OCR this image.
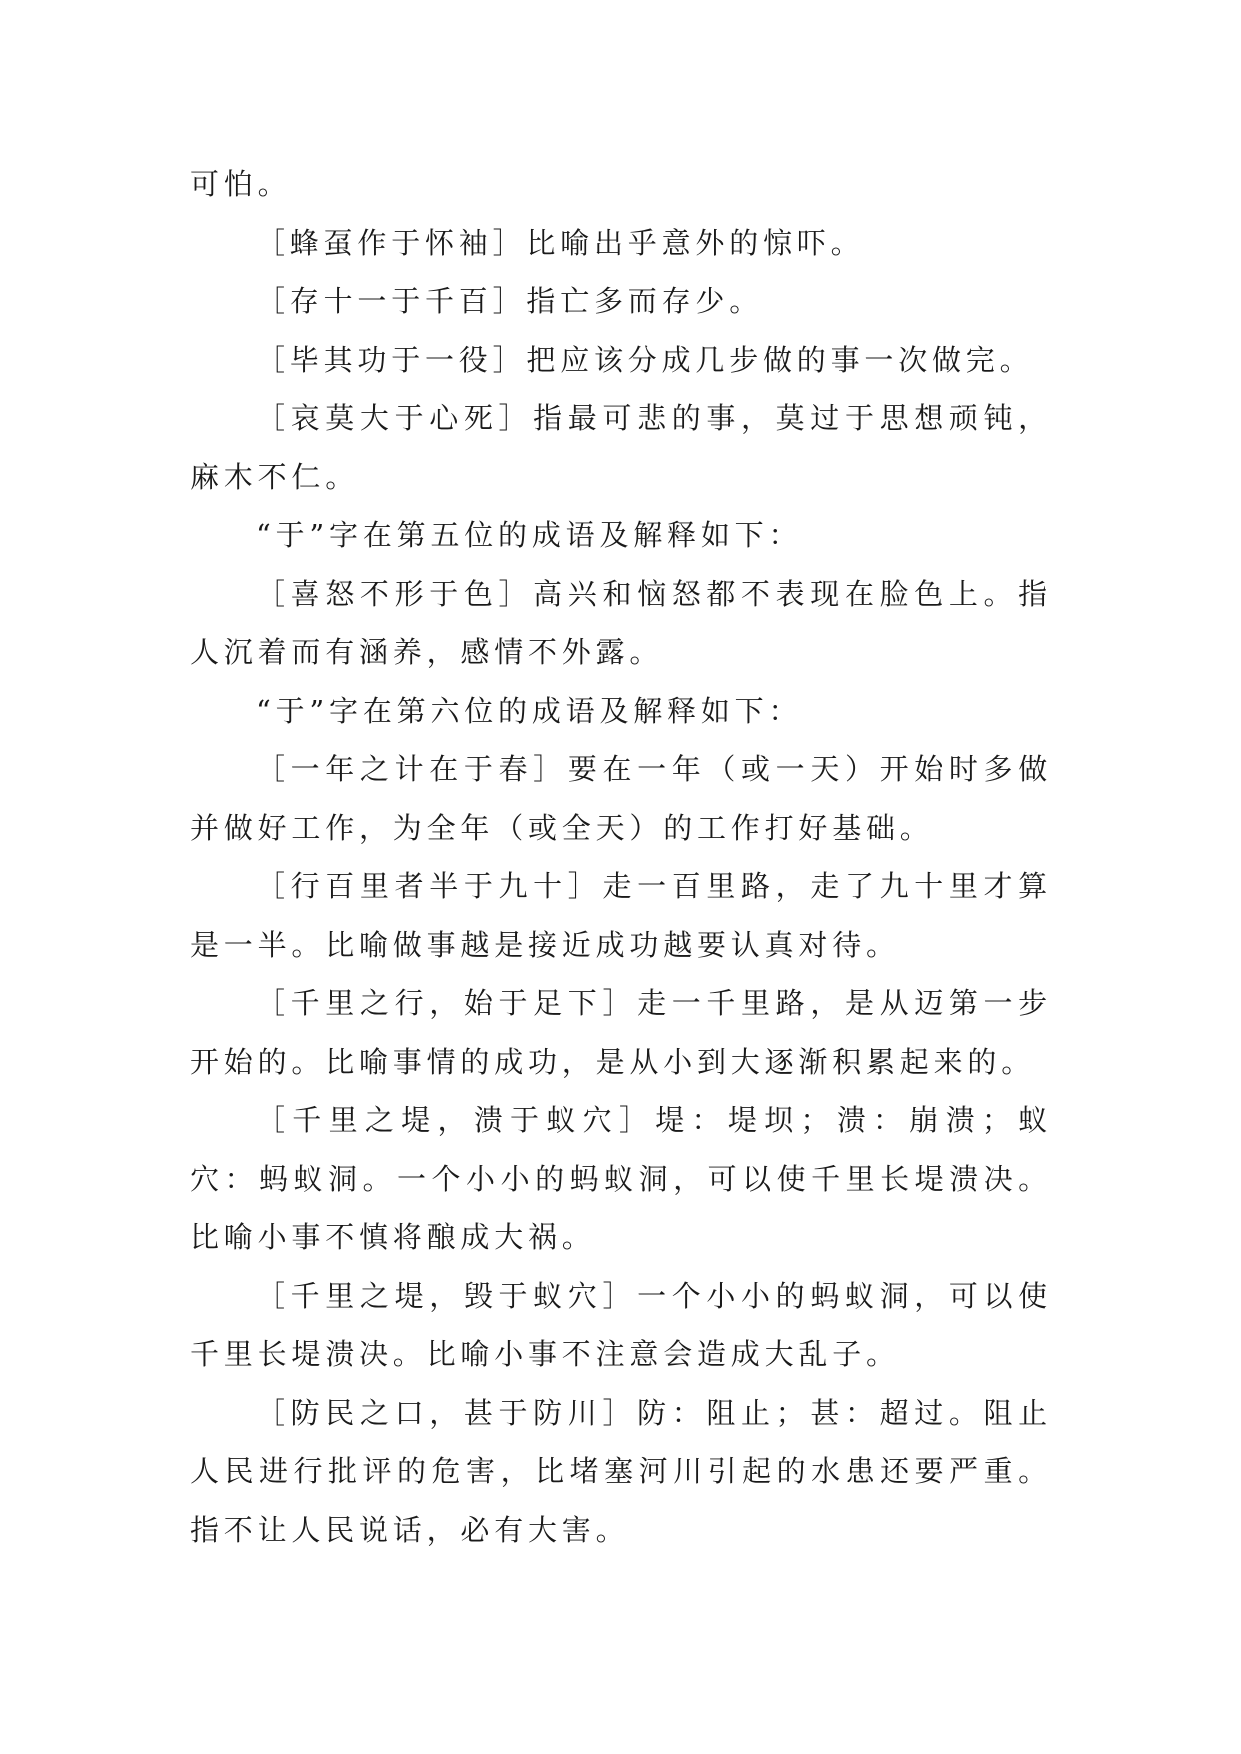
可怕。

［蜂虿作于怀袖］比喻出乎意外的惊吓。

［存十一于千百］指亡多而存少。

［毕其功于一役］把应该分成几步做的事一次做完。

［哀莫大于心死］指最可悲的事，莫过于思想顽钝，麻木不仁。

“于”字在第五位的成语及解释如下：

［喜怒不形于色］高兴和恼怒都不表现在脸色上。指人沉着而有涵养，感情不外露。

“于”字在第六位的成语及解释如下：

［一年之计在于春］要在一年（或一天）开始时多做并做好工作，为全年（或全天）的工作打好基础。

［行百里者半于九十］走一百里路，走了九十里才算是一半。比喻做事越是接近成功越要认真对待。

［千里之行，始于足下］走一千里路，是从迈第一步开始的。比喻事情的成功，是从小到大逐渐积累起来的。

［千里之堤，溃于蚁穴］堤：堤坝；溃：崩溃；蚁穴：蚂蚁洞。一个小小的蚂蚁洞，可以使千里长堤溃决。比喻小事不慎将酿成大祸。

［千里之堤，毁于蚁穴］一个小小的蚂蚁洞，可以使千里长堤溃决。比喻小事不注意会造成大乱子。

［防民之口，甚于防川］防：阻止；甚：超过。阻止人民进行批评的危害，比堵塞河川引起的水患还要严重。指不让人民说话，必有大害。
